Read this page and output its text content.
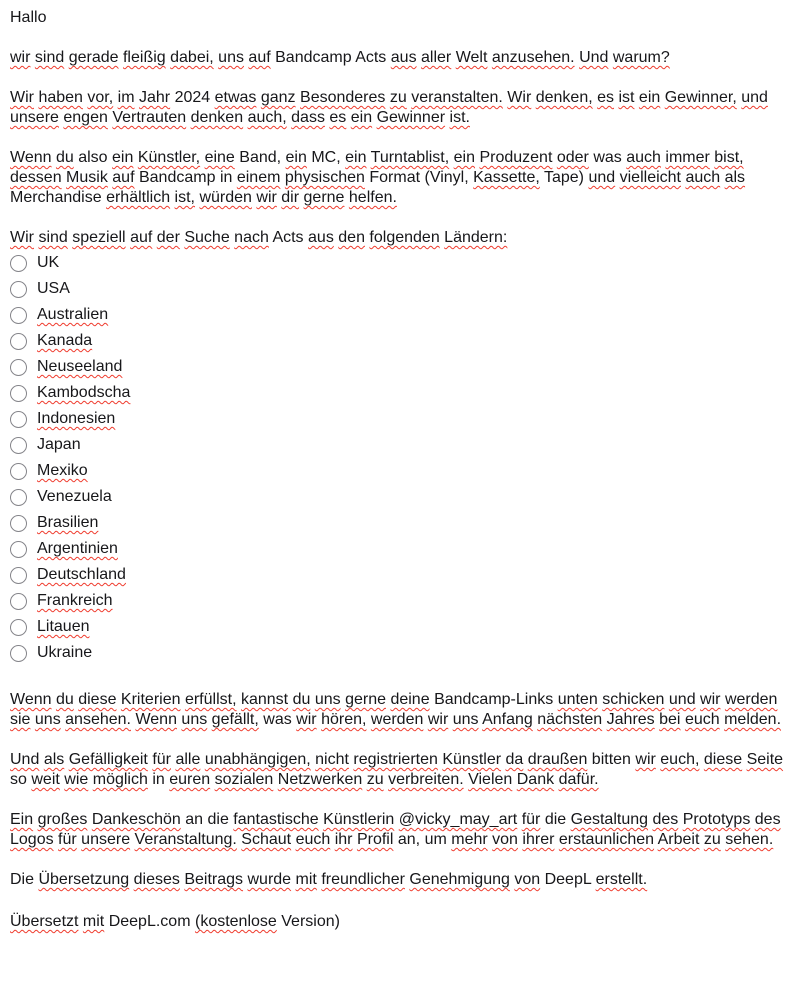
Hallo

wir sind gerade fleißig dabei, uns auf Bandcamp Acts aus aller Welt anzusehen. Und warum?

Wir haben vor, im Jahr 2024 etwas ganz Besonderes zu veranstalten. Wir denken, es ist ein Gewinner, und unsere engen Vertrauten denken auch, dass es ein Gewinner ist.

Wenn du also ein Künstler, eine Band, ein MC, ein Turntablist, ein Produzent oder was auch immer bist, dessen Musik auf Bandcamp in einem physischen Format (Vinyl, Kassette, Tape) und vielleicht auch als Merchandise erhältlich ist, würden wir dir gerne helfen.

Wir sind speziell auf der Suche nach Acts aus den folgenden Ländern:

UK
USA
Australien
Kanada
Neuseeland
Kambodscha
Indonesien
Japan
Mexiko
Venezuela
Brasilien
Argentinien
Deutschland
Frankreich
Litauen
Ukraine

Wenn du diese Kriterien erfüllst, kannst du uns gerne deine Bandcamp-Links unten schicken und wir werden sie uns ansehen. Wenn uns gefällt, was wir hören, werden wir uns Anfang nächsten Jahres bei euch melden.

Und als Gefälligkeit für alle unabhängigen, nicht registrierten Künstler da draußen bitten wir euch, diese Seite so weit wie möglich in euren sozialen Netzwerken zu verbreiten. Vielen Dank dafür.

Ein großes Dankeschön an die fantastische Künstlerin @vicky_may_art für die Gestaltung des Prototyps des Logos für unsere Veranstaltung. Schaut euch ihr Profil an, um mehr von ihrer erstaunlichen Arbeit zu sehen.

Die Übersetzung dieses Beitrags wurde mit freundlicher Genehmigung von DeepL erstellt.

Übersetzt mit DeepL.com (kostenlose Version)
